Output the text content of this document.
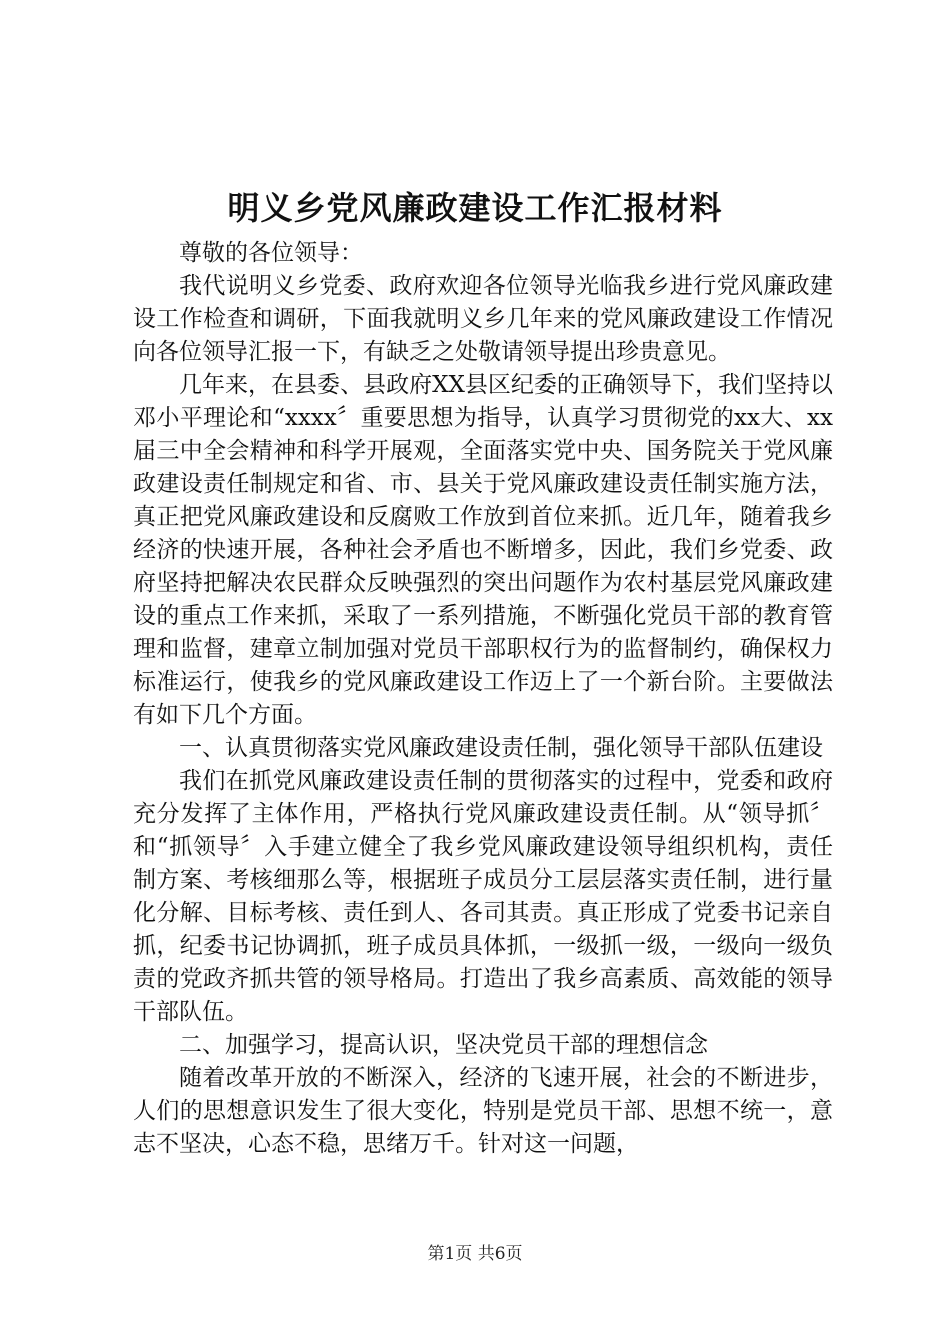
明义乡党风廉政建设工作汇报材料

尊敬的各位领导：

我代说明义乡党委、政府欢迎各位领导光临我乡进行党风廉政建设工作检查和调研，下面我就明义乡几年来的党风廉政建设工作情况向各位领导汇报一下，有缺乏之处敬请领导提出珍贵意见。

几年来，在县委、县政府XX县区纪委的正确领导下，我们坚持以邓小平理论和“xxxx〞重要思想为指导，认真学习贯彻党的xx大、xx届三中全会精神和科学开展观，全面落实党中央、国务院关于党风廉政建设责任制规定和省、市、县关于党风廉政建设责任制实施方法，真正把党风廉政建设和反腐败工作放到首位来抓。近几年，随着我乡经济的快速开展，各种社会矛盾也不断增多，因此，我们乡党委、政府坚持把解决农民群众反映强烈的突出问题作为农村基层党风廉政建设的重点工作来抓，采取了一系列措施，不断强化党员干部的教育管理和监督，建章立制加强对党员干部职权行为的监督制约，确保权力标准运行，使我乡的党风廉政建设工作迈上了一个新台阶。主要做法有如下几个方面。

一、认真贯彻落实党风廉政建设责任制，强化领导干部队伍建设

我们在抓党风廉政建设责任制的贯彻落实的过程中，党委和政府充分发挥了主体作用，严格执行党风廉政建设责任制。从“领导抓〞和“抓领导〞入手建立健全了我乡党风廉政建设领导组织机构，责任制方案、考核细那么等，根据班子成员分工层层落实责任制，进行量化分解、目标考核、责任到人、各司其责。真正形成了党委书记亲自抓，纪委书记协调抓，班子成员具体抓，一级抓一级，一级向一级负责的党政齐抓共管的领导格局。打造出了我乡高素质、高效能的领导干部队伍。

二、加强学习，提高认识，坚决党员干部的理想信念

随着改革开放的不断深入，经济的飞速开展，社会的不断进步，人们的思想意识发生了很大变化，特别是党员干部、思想不统一，意志不坚决，心态不稳，思绪万千。针对这一问题，

第1页 共6页
